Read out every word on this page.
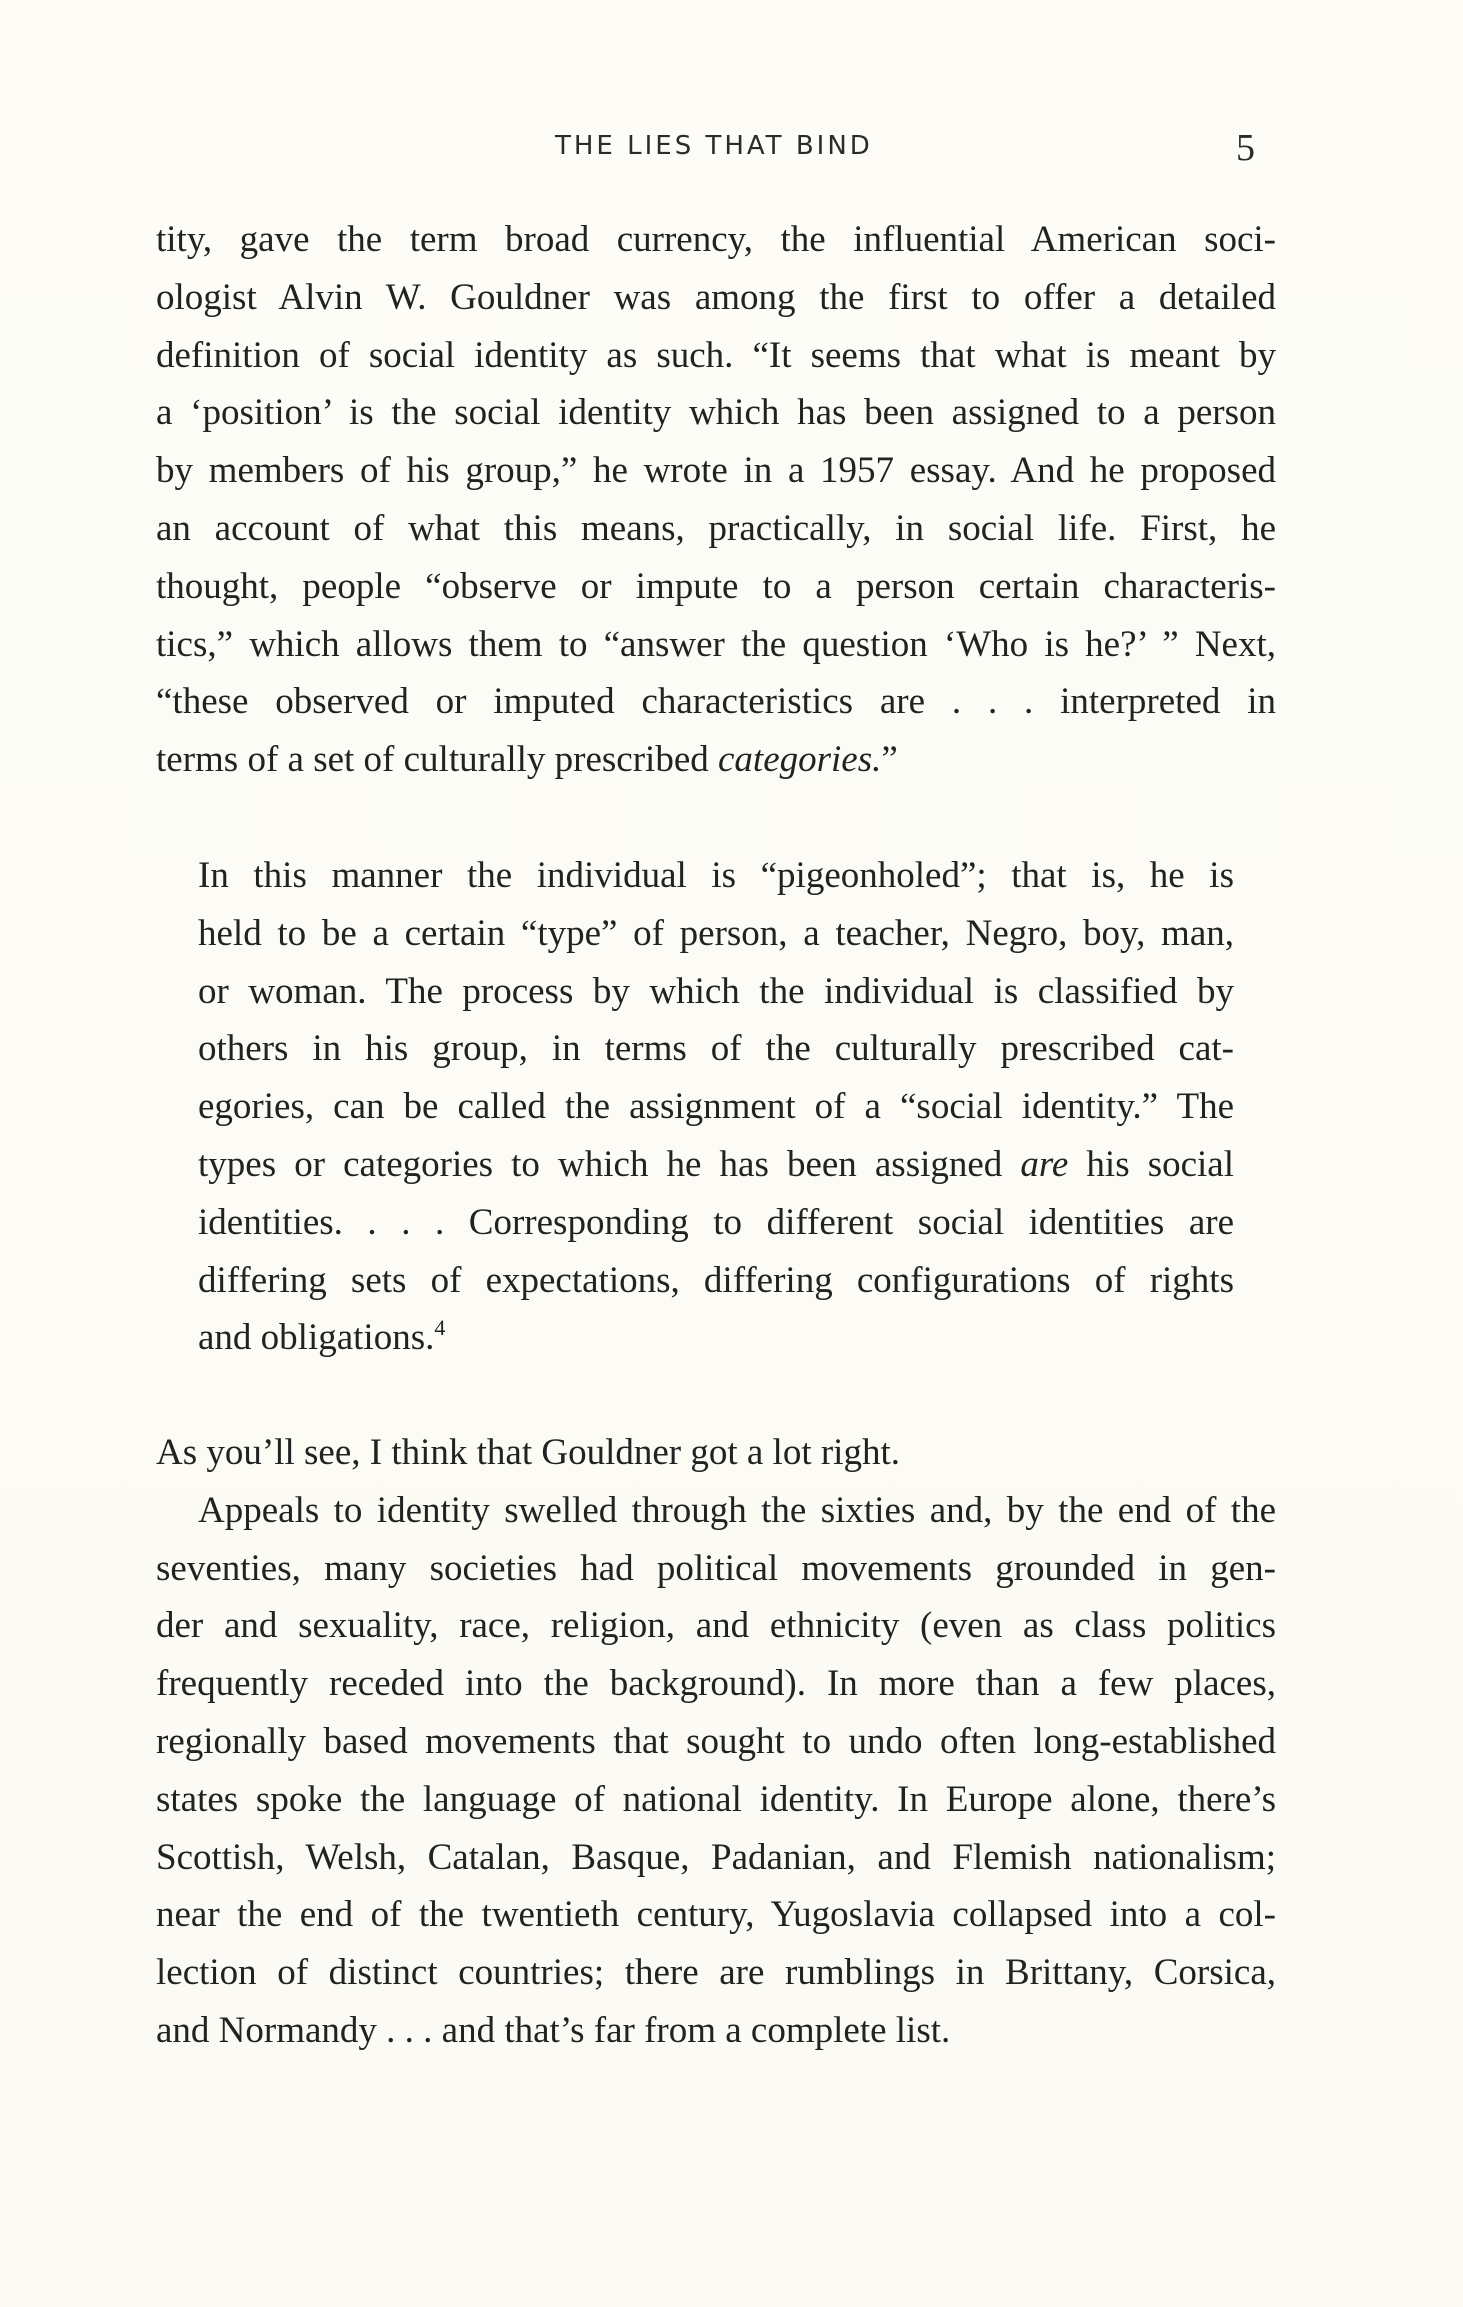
THE LIES THAT BIND	5
tity, gave the term broad currency, the influential American soci-
ologist Alvin W. Gouldner was among the first to offer a detailed
definition of social identity as such. “It seems that what is meant by
a ‘position’ is the social identity which has been assigned to a person
by members of his group,” he wrote in a 1957 essay. And he proposed
an account of what this means, practically, in social life. First, he
thought, people “observe or impute to a person certain characteris-
tics,” which allows them to “answer the question ‘Who is he?’ ” Next,
“these observed or imputed characteristics are . . . interpreted in
terms of a set of culturally prescribed categories.”
In this manner the individual is “pigeonholed”; that is, he is
held to be a certain “type” of person, a teacher, Negro, boy, man,
or woman. The process by which the individual is classified by
others in his group, in terms of the culturally prescribed cat-
egories, can be called the assignment of a “social identity.” The
types or categories to which he has been assigned are his social
identities. . . . Corresponding to different social identities are
differing sets of expectations, differing configurations of rights
and obligations.$^4$
As you’ll see, I think that Gouldner got a lot right.
Appeals to identity swelled through the sixties and, by the end of the
seventies, many societies had political movements grounded in gen-
der and sexuality, race, religion, and ethnicity (even as class politics
frequently receded into the background). In more than a few places,
regionally based movements that sought to undo often long-established
states spoke the language of national identity. In Europe alone, there’s
Scottish, Welsh, Catalan, Basque, Padanian, and Flemish nationalism;
near the end of the twentieth century, Yugoslavia collapsed into a col-
lection of distinct countries; there are rumblings in Brittany, Corsica,
and Normandy . . . and that’s far from a complete list.
